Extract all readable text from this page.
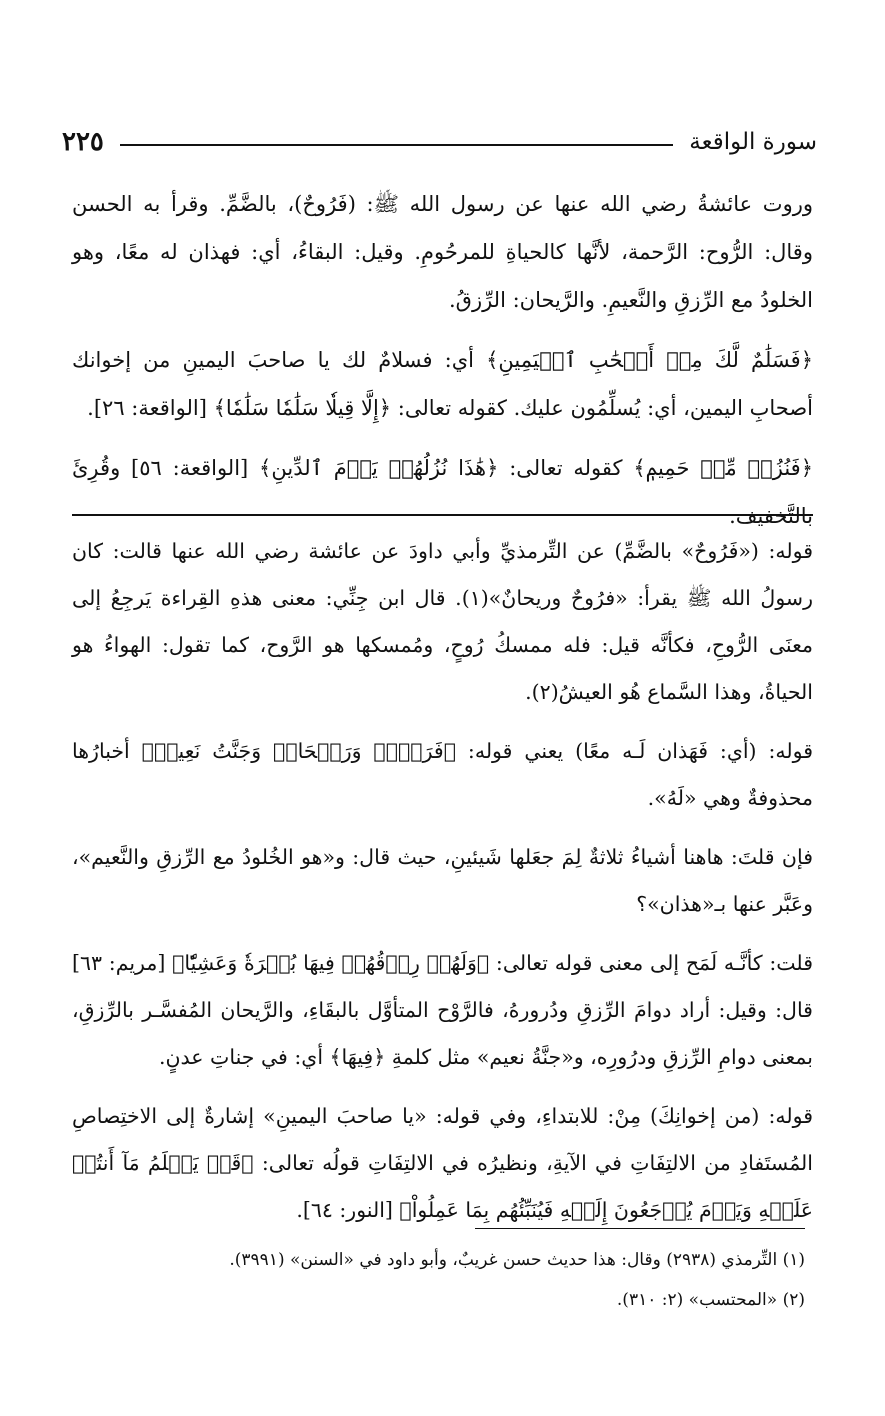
سورة الواقعة
٢٢٥

وروت عائشةُ رضي الله عنها عن رسول الله ﷺ: (فَرُوحٌ)، بالضَّمِّ. وقرأ به الحسن وقال: الرُّوح: الرَّحمة، لأنَّها كالحياةِ للمرحُومِ. وقيل: البقاءُ، أي: فهذان له معًا، وهو الخلودُ مع الرِّزقِ والنَّعيمِ. والرَّيحان: الرِّزقُ.

﴿فَسَلَٰمٌ لَّكَ مِنۡ أَصۡحَٰبِ ٱلۡيَمِينِ﴾ أي: فسلامٌ لك يا صاحبَ اليمينِ من إخوانك أصحابِ اليمين، أي: يُسلِّمُون عليك. كقوله تعالى: ﴿إِلَّا قِيلٗا سَلَٰمٗا سَلَٰمٗا﴾ [الواقعة: ٢٦].

﴿فَنُزُلٞ مِّنۡ حَمِيمٖ﴾ كقوله تعالى: ﴿هَٰذَا نُزُلُهُمۡ يَوۡمَ ٱلدِّينِ﴾ [الواقعة: ٥٦] وقُرِئَ بالتَّخفيف.

قوله: («فَرُوحٌ» بالضَّمِّ) عن التِّرمذيِّ وأبي داودَ عن عائشة رضي الله عنها قالت: كان رسولُ الله ﷺ يقرأ: «فرُوحٌ وريحانٌ»(١). قال ابن جِنِّي: معنى هذهِ القِراءة يَرجِعُ إلى معنَى الرُّوحِ، فكأنَّه قيل: فله ممسكُ رُوحٍ، ومُمسكها هو الرَّوح، كما تقول: الهواءُ هو الحياةُ، وهذا السَّماع هُو العيشُ(٢).

قوله: (أي: فَهَذان لَـه معًا) يعني قوله: ﴿فَرَوۡحٞ وَرَيۡحَانٞ وَجَنَّتُ نَعِيمٖ﴾ أخبارُها محذوفةٌ وهي «لَهُ».

فإن قلتَ: هاهنا أشياءُ ثلاثةٌ لِمَ جعَلها شَيئينِ، حيث قال: و«هو الخُلودُ مع الرِّزقِ والنَّعيم»، وعَبَّر عنها بـ«هذان»؟

قلت: كأنَّـه لَمَح إلى معنى قوله تعالى: ﴿وَلَهُمۡ رِزۡقُهُمۡ فِيهَا بُكۡرَةٗ وَعَشِيّٗا﴾ [مريم: ٦٣] قال: وقيل: أراد دوامَ الرِّزقِ ودُرورهُ، فالرَّوْح المتأوَّل بالبقَاءِ، والرَّيحان المُفسَّـر بالرِّزقِ، بمعنى دوامِ الرِّزقِ ودرُورِه، و«جنَّةُ نعيم» مثل كلمةِ ﴿فِيهَا﴾ أي: في جناتِ عدنٍ.

قوله: (من إخوانِكَ) مِنْ: للابتداءِ، وفي قوله: «يا صاحبَ اليمينِ» إشارةٌ إلى الاختِصاصِ المُستَفادِ من الالتِفَاتِ في الآيةِ، ونظيرُه في الالتِفَاتِ قولُه تعالى: ﴿قَدۡ يَعۡلَمُ مَآ أَنتُمۡ عَلَيۡهِ وَيَوۡمَ يُرۡجَعُونَ إِلَيۡهِ فَيُنَبِّئُهُم بِمَا عَمِلُواْ﴾ [النور: ٦٤].

(١) التِّرمذي (٢٩٣٨) وقال: هذا حديث حسن غريبٌ، وأبو داود في «السنن» (٣٩٩١).

(٢) «المحتسب» (٢: ٣١٠).
